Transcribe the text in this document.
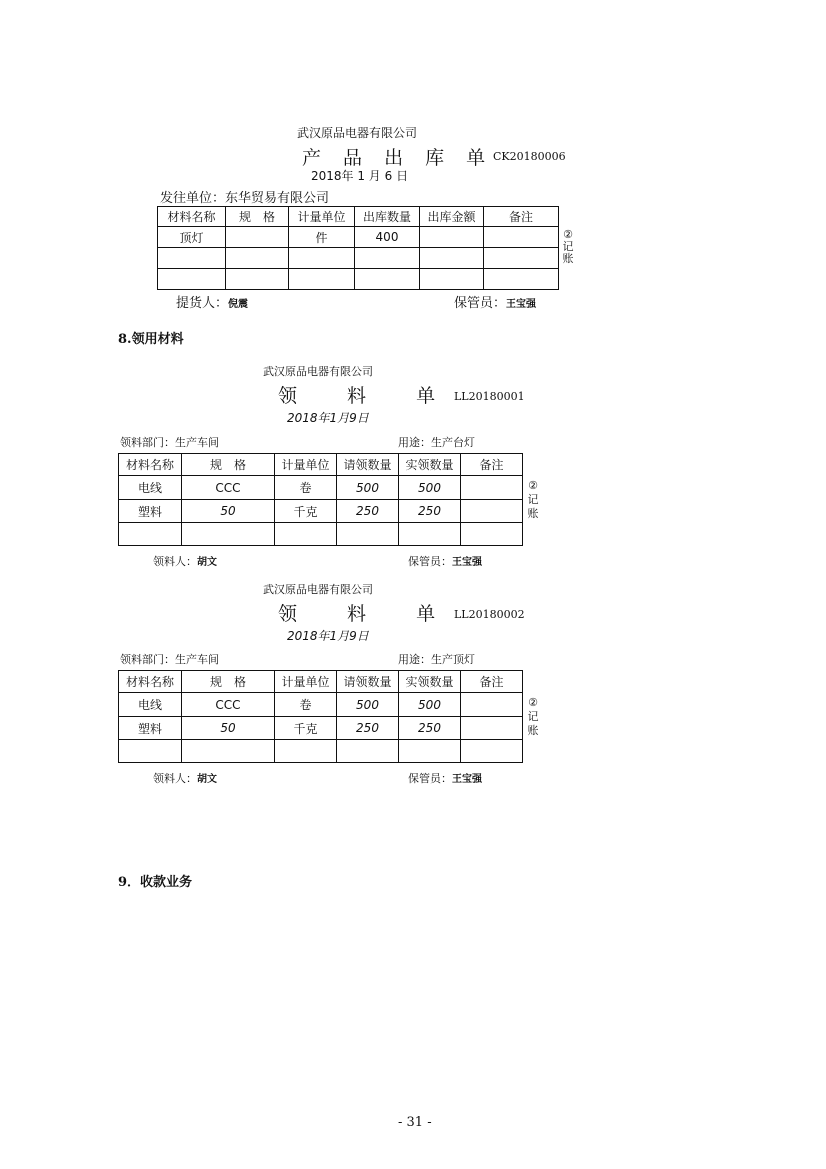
武汉原品电器有限公司
产 品 出 库 单 CK20180006
2018年 1 月 6 日
发往单位：东华贸易有限公司
材料名称	规　格	计量单位	出库数量	出库金额	备注
顶灯		件	400		

						②
记
账
提货人：倪震	保管员：王宝强
8.领用材料
武汉原品电器有限公司
领 料 单
LL20180001
2018年1月9日
领料部门：生产车间	用途：生产台灯
材料名称	规　格	计量单位	请领数量	实领数量	备注
电线	CCC	卷	500	500	
塑料	50	千克	250	250	

②
记
账
领料人：胡文	保管员：王宝强
武汉原品电器有限公司
领 料 单
LL20180002
2018年1月9日
领料部门：生产车间	用途：生产顶灯
材料名称	规　格	计量单位	请领数量	实领数量	备注
电线	CCC	卷	500	500	
塑料	50	千克	250	250	

②
记
账
领料人：胡文	保管员：王宝强
9．收款业务
- 31 -
